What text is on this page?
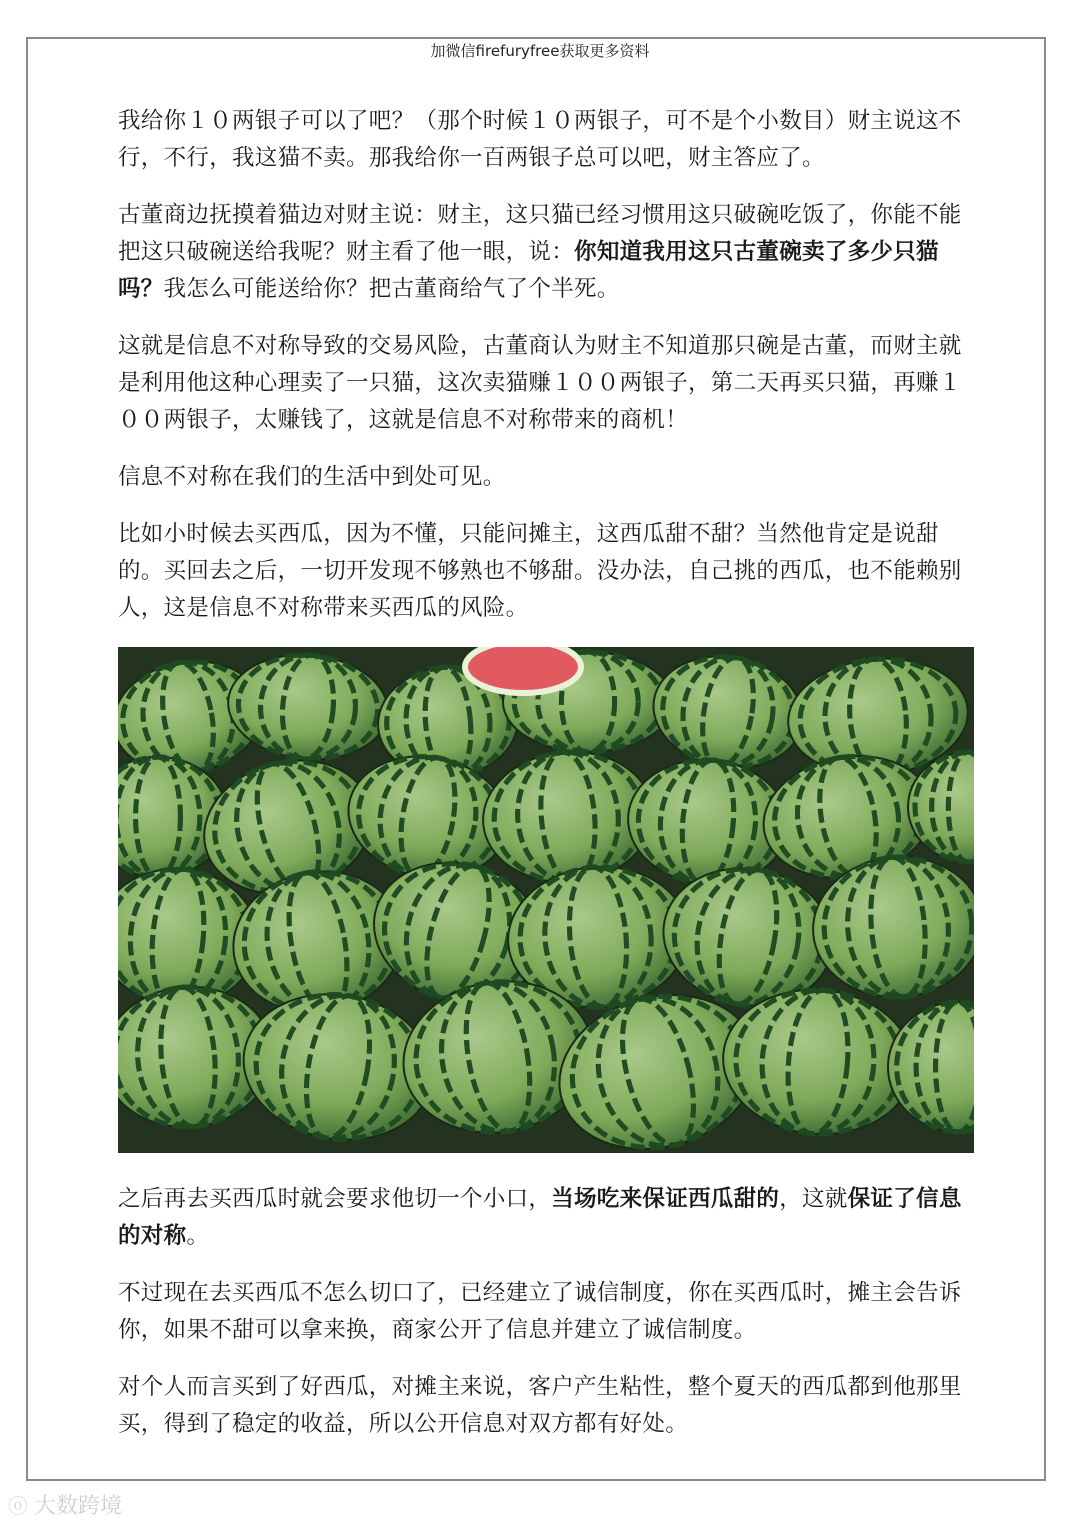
加微信firefuryfree获取更多资料

我给你１０两银子可以了吧？（那个时候１０两银子，可不是个小数目）财主说这不行，不行，我这猫不卖。那我给你一百两银子总可以吧，财主答应了。

古董商边抚摸着猫边对财主说：财主，这只猫已经习惯用这只破碗吃饭了，你能不能把这只破碗送给我呢？财主看了他一眼，说：你知道我用这只古董碗卖了多少只猫吗？我怎么可能送给你？把古董商给气了个半死。

这就是信息不对称导致的交易风险，古董商认为财主不知道那只碗是古董，而财主就是利用他这种心理卖了一只猫，这次卖猫赚１００两银子，第二天再买只猫，再赚１００两银子，太赚钱了，这就是信息不对称带来的商机！

信息不对称在我们的生活中到处可见。

比如小时候去买西瓜，因为不懂，只能问摊主，这西瓜甜不甜？当然他肯定是说甜的。买回去之后，一切开发现不够熟也不够甜。没办法，自己挑的西瓜，也不能赖别人，这是信息不对称带来买西瓜的风险。

之后再去买西瓜时就会要求他切一个小口，当场吃来保证西瓜甜的，这就保证了信息的对称。

不过现在去买西瓜不怎么切口了，已经建立了诚信制度，你在买西瓜时，摊主会告诉你，如果不甜可以拿来换，商家公开了信息并建立了诚信制度。

对个人而言买到了好西瓜，对摊主来说，客户产生粘性，整个夏天的西瓜都到他那里买，得到了稳定的收益，所以公开信息对双方都有好处。

ⓞ 大数跨境
